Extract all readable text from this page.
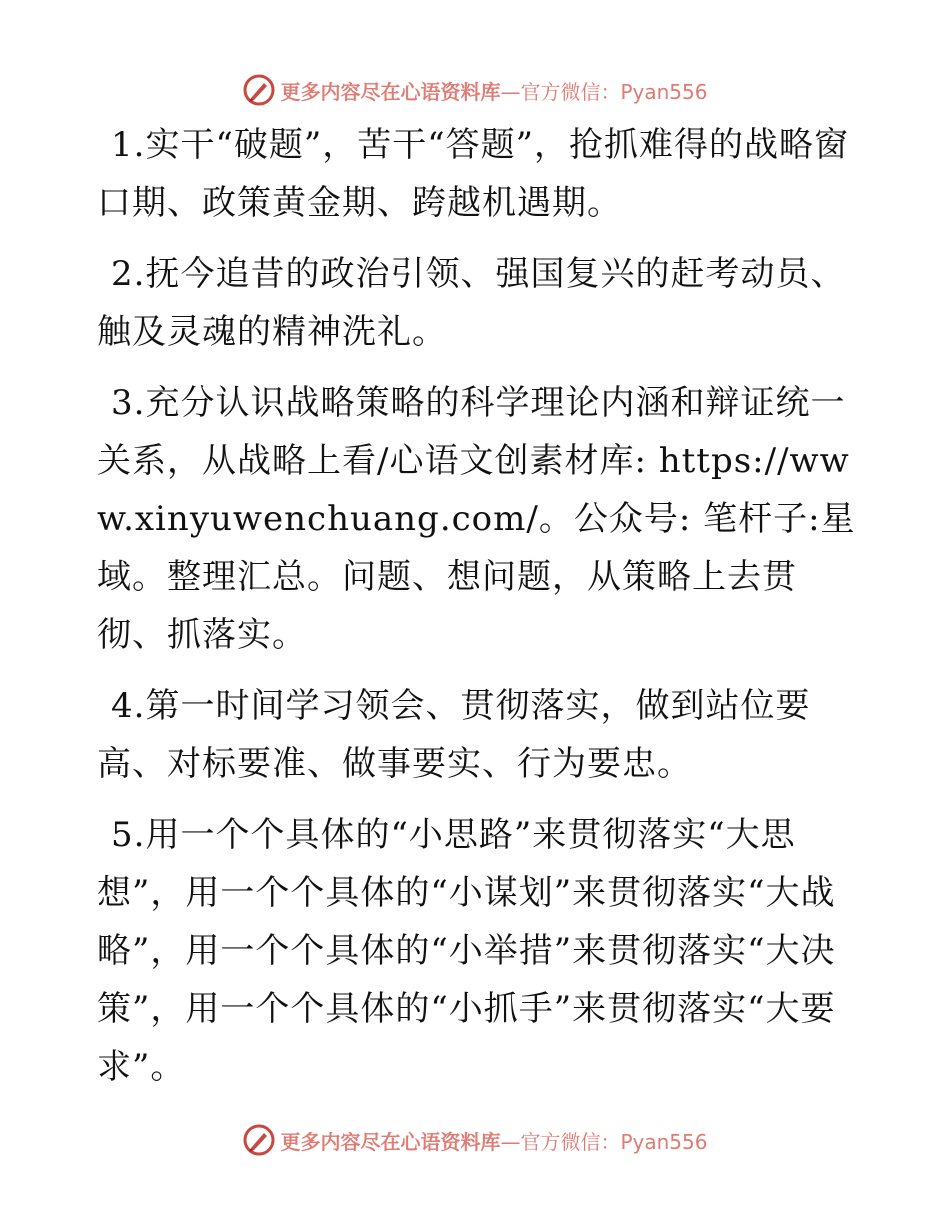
更多内容尽在心语资料库—官方微信：Pyan556

1.实干“破题”，苦干“答题”，抢抓难得的战略窗口期、政策黄金期、跨越机遇期。

2.抚今追昔的政治引领、强国复兴的赶考动员、触及灵魂的精神洗礼。

3.充分认识战略策略的科学理论内涵和辩证统一关系，从战略上看/心语文创素材库: https://www.xinyuwenchuang.com/。公众号: 笔杆子:星域。整理汇总。问题、想问题，从策略上去贯彻、抓落实。

4.第一时间学习领会、贯彻落实，做到站位要高、对标要准、做事要实、行为要忠。

5.用一个个具体的“小思路”来贯彻落实“大思想”，用一个个具体的“小谋划”来贯彻落实“大战略”，用一个个具体的“小举措”来贯彻落实“大决策”，用一个个具体的“小抓手”来贯彻落实“大要求”。

更多内容尽在心语资料库—官方微信：Pyan556
